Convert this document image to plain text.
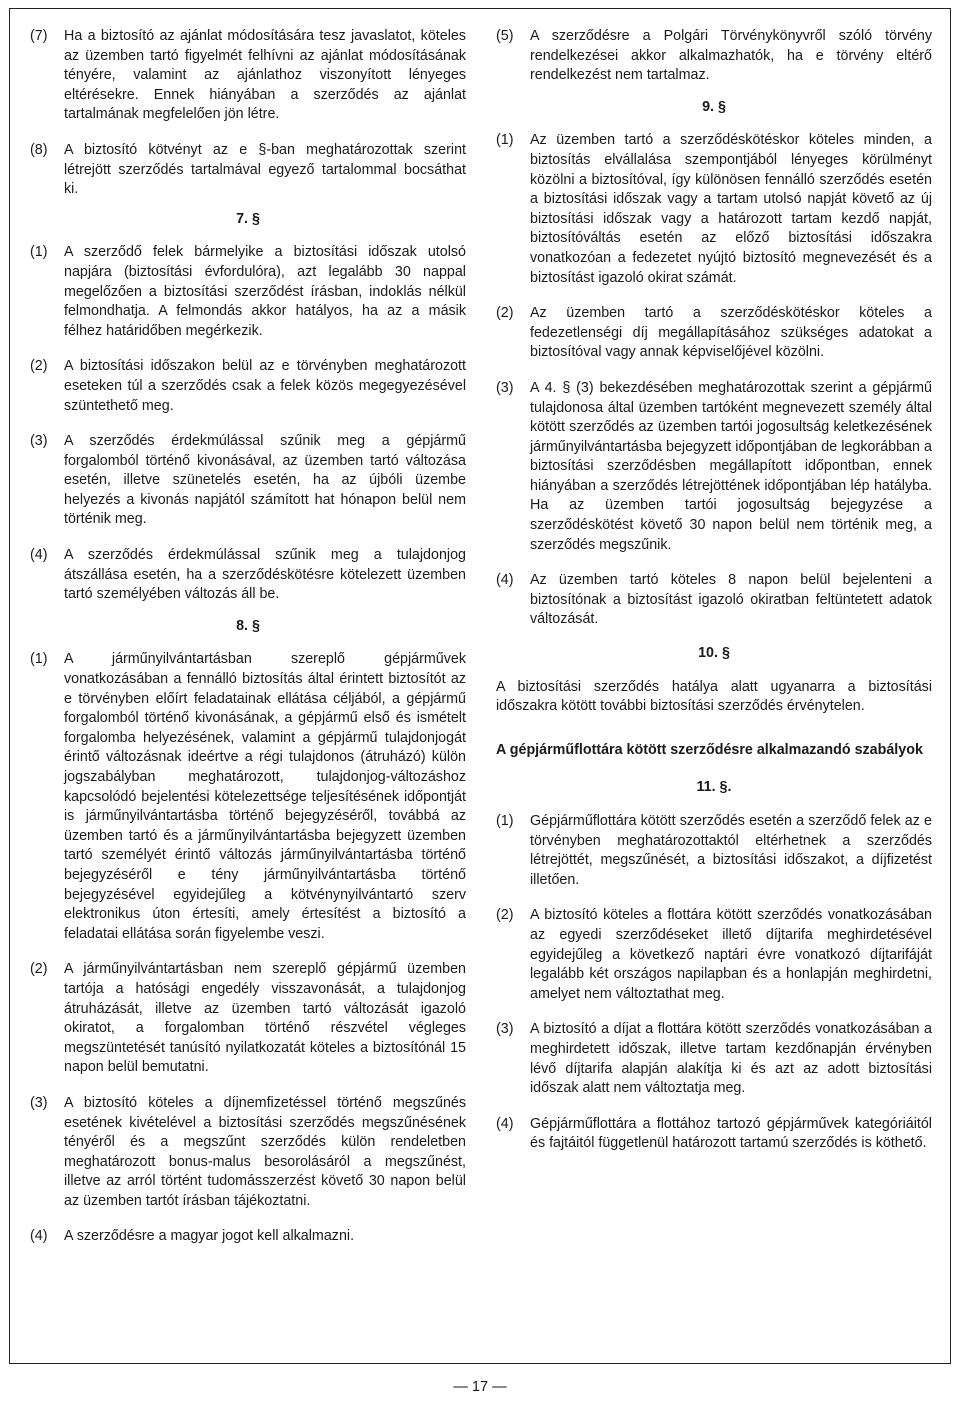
(7) Ha a biztosító az ajánlat módosítására tesz javaslatot, köteles az üzemben tartó figyelmét felhívni az ajánlat módosításának tényére, valamint az ajánlathoz viszonyított lényeges eltérésekre. Ennek hiányában a szerződés az ajánlat tartalmának megfelelően jön létre.
(8) A biztosító kötvényt az e §-ban meghatározottak szerint létrejött szerződés tartalmával egyező tartalommal bocsáthat ki.
7. §
(1) A szerződő felek bármelyike a biztosítási időszak utolsó napjára (biztosítási évfordulóra), azt legalább 30 nappal megelőzően a biztosítási szerződést írásban, indoklás nélkül felmondhatja. A felmondás akkor hatályos, ha az a másik félhez határidőben megérkezik.
(2) A biztosítási időszakon belül az e törvényben meghatározott eseteken túl a szerződés csak a felek közös megegyezésével szüntethető meg.
(3) A szerződés érdekmúlással szűnik meg a gépjármű forgalomból történő kivonásával, az üzemben tartó változása esetén, illetve szünetelés esetén, ha az újbóli üzembe helyezés a kivonás napjától számított hat hónapon belül nem történik meg.
(4) A szerződés érdekmúlással szűnik meg a tulajdonjog átszállása esetén, ha a szerződéskötésre kötelezett üzemben tartó személyében változás áll be.
8. §
(1) A járműnyilvántartásban szereplő gépjárművek vonatkozásában a fennálló biztosítás által érintett biztosítót az e törvényben előírt feladatainak ellátása céljából, a gépjármű forgalomból történő kivonásának, a gépjármű első és ismételt forgalomba helyezésének, valamint a gépjármű tulajdonjogát érintő változásnak ideértve a régi tulajdonos (átruházó) külön jogszabályban meghatározott, tulajdonjog-változáshoz kapcsolódó bejelentési kötelezettsége teljesítésének időpontját is járműnyilvántartásba történő bejegyzéséről, továbbá az üzemben tartó és a járműnyilvántartásba bejegyzett üzemben tartó személyét érintő változás járműnyilvántartásba történő bejegyzéséről e tény járműnyilvántartásba történő bejegyzésével egyidejűleg a kötvénynyilvántartó szerv elektronikus úton értesíti, amely értesítést a biztosító a feladatai ellátása során figyelembe veszi.
(2) A járműnyilvántartásban nem szereplő gépjármű üzemben tartója a hatósági engedély visszavonását, a tulajdonjog átruházását, illetve az üzemben tartó változását igazoló okiratot, a forgalomban történő részvétel végleges megszüntetését tanúsító nyilatkozatát köteles a biztosítónál 15 napon belül bemutatni.
(3) A biztosító köteles a díjnemfizetéssel történő megszűnés esetének kivételével a biztosítási szerződés megszűnésének tényéről és a megszűnt szerződés külön rendeletben meghatározott bonus-malus besorolásáról a megszűnést, illetve az arról történt tudomásszerzést követő 30 napon belül az üzemben tartót írásban tájékoztatni.
(4) A szerződésre a magyar jogot kell alkalmazni.
(5) A szerződésre a Polgári Törvénykönyvről szóló törvény rendelkezései akkor alkalmazhatók, ha e törvény eltérő rendelkezést nem tartalmaz.
9. §
(1) Az üzemben tartó a szerződéskötéskor köteles minden, a biztosítás elvállalása szempontjából lényeges körülményt közölni a biztosítóval, így különösen fennálló szerződés esetén a biztosítási időszak vagy a tartam utolsó napját követő az új biztosítási időszak vagy a határozott tartam kezdő napját, biztosítóváltás esetén az előző biztosítási időszakra vonatkozóan a fedezetet nyújtó biztosító megnevezését és a biztosítást igazoló okirat számát.
(2) Az üzemben tartó a szerződéskötéskor köteles a fedezetlenségi díj megállapításához szükséges adatokat a biztosítóval vagy annak képviselőjével közölni.
(3) A 4. § (3) bekezdésében meghatározottak szerint a gépjármű tulajdonosa által üzemben tartóként megnevezett személy által kötött szerződés az üzemben tartói jogosultság keletkezésének járműnyilvántartásba bejegyzett időpontjában de legkorábban a biztosítási szerződésben megállapított időpontban, ennek hiányában a szerződés létrejöttének időpontjában lép hatályba. Ha az üzemben tartói jogosultság bejegyzése a szerződéskötést követő 30 napon belül nem történik meg, a szerződés megszűnik.
(4) Az üzemben tartó köteles 8 napon belül bejelenteni a biztosítónak a biztosítást igazoló okiratban feltüntetett adatok változását.
10. §
A biztosítási szerződés hatálya alatt ugyanarra a biztosítási időszakra kötött további biztosítási szerződés érvénytelen.
A gépjárműflottára kötött szerződésre alkalmazandó szabályok
11. §.
(1) Gépjárműflottára kötött szerződés esetén a szerződő felek az e törvényben meghatározottaktól eltérhetnek a szerződés létrejöttét, megszűnését, a biztosítási időszakot, a díjfizetést illetően.
(2) A biztosító köteles a flottára kötött szerződés vonatkozásában az egyedi szerződéseket illető díjtarifa meghirdetésével egyidejűleg a következő naptári évre vonatkozó díjtarifáját legalább két országos napilapban és a honlapján meghirdetni, amelyet nem változtathat meg.
(3) A biztosító a díjat a flottára kötött szerződés vonatkozásában a meghirdetett időszak, illetve tartam kezdőnapján érvényben lévő díjtarifa alapján alakítja ki és azt az adott biztosítási időszak alatt nem változtatja meg.
(4) Gépjárműflottára a flottához tartozó gépjárművek kategóriáitól és fajtáitól függetlenül határozott tartamú szerződés is köthető.
— 17 —
